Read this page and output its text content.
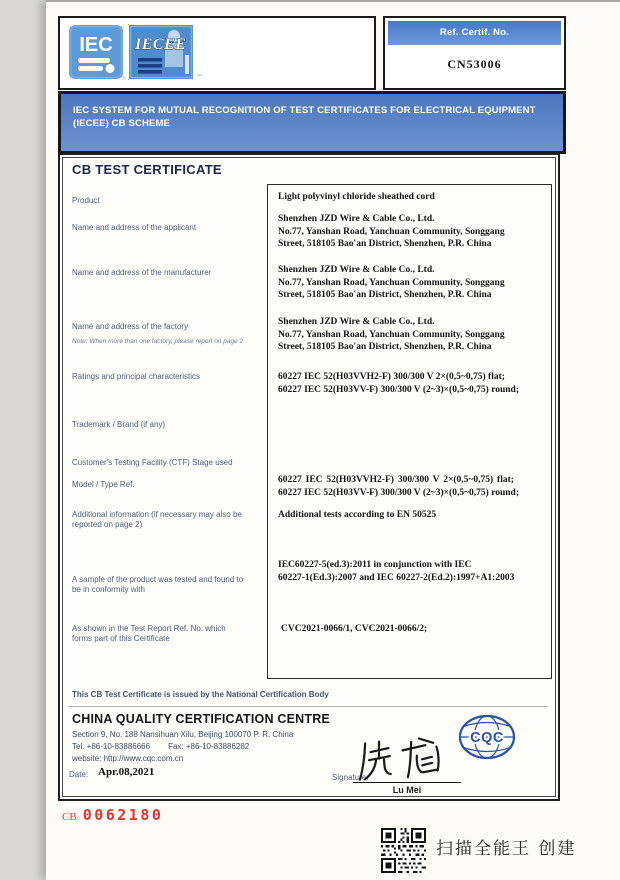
IEC IECEE
®	™
Ref. Certif. No.
CN53006
IEC SYSTEM FOR MUTUAL RECOGNITION OF TEST CERTIFICATES FOR ELECTRICAL EQUIPMENT (IECEE) CB SCHEME
CB TEST CERTIFICATE
Product
Name and address of the applicant
Name and address of the manufacturer
Name and address of the factory
Note: When more than one factory, please report on page 2
Ratings and principal characteristics
Trademark / Brand (if any)
Customer's Testing Facility (CTF) Stage used
Model / Type Ref.
Additional information (if necessary may also be reported on page 2)
A sample of the product was tested and found to be in conformity with
As shown in the Test Report Ref. No. which forms part of this Certificate
Light polyvinyl chloride sheathed cord
Shenzhen JZD Wire & Cable Co., Ltd.
No.77, Yanshan Road, Yanchuan Community, Songgang
Street, 518105 Bao'an District, Shenzhen, P.R. China
Shenzhen JZD Wire & Cable Co., Ltd.
No.77, Yanshan Road, Yanchuan Community, Songgang
Street, 518105 Bao'an District, Shenzhen, P.R. China
Shenzhen JZD Wire & Cable Co., Ltd.
No.77, Yanshan Road, Yanchuan Community, Songgang
Street, 518105 Bao'an District, Shenzhen, P.R. China
60227 IEC 52(H03VVH2-F) 300/300 V 2×(0,5~0,75) flat;
60227 IEC 52(H03VV-F) 300/300 V (2~3)×(0,5~0,75) round;
60227 IEC 52(H03VVH2-F) 300/300 V 2×(0,5~0,75) flat;
60227 IEC 52(H03VV-F) 300/300 V (2~3)×(0,5~0,75) round;
Additional tests according to EN 50525
IEC60227-5(ed.3):2011 in conjunction with IEC
60227-1(Ed.3):2007 and IEC 60227-2(Ed.2):1997+A1:2003
CVC2021-0066/1, CVC2021-0066/2;
This CB Test Certificate is issued by the National Certification Body
CHINA QUALITY CERTIFICATION CENTRE
Section 9, No. 188 Nansihuan Xilu, Beijing 100070 P. R. China
Tel. +86-10-83886666 Fax: +86-10-83886282
website: http://www.cqc.com.cn
CQC
Date: Apr.08,2021	Signature:
Lu Mei
CB 0062180
扫描全能王 创建
